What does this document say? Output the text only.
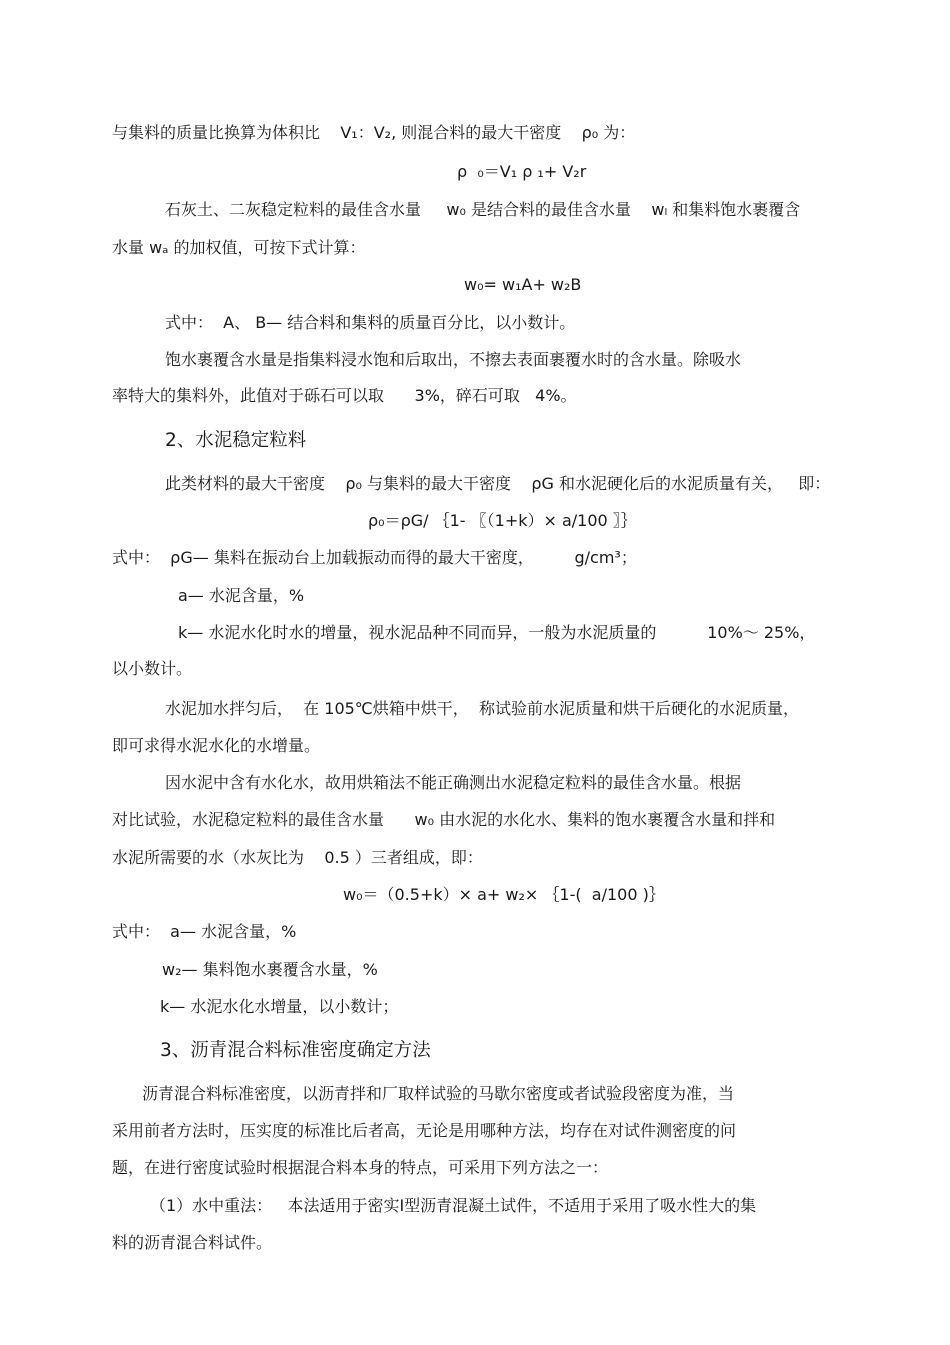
与集料的质量比换算为体积比    V₁：V₂, 则混合料的最大干密度    ρ₀ 为：
ρ  ₀＝V₁ ρ ₁+ V₂r
石灰土、二灰稳定粒料的最佳含水量     w₀ 是结合料的最佳含水量    wₗ 和集料饱水裹覆含
水量 wₐ 的加权值，可按下式计算：
w₀= w₁A+ w₂B
式中：  A、 B— 结合料和集料的质量百分比，以小数计。
饱水裹覆含水量是指集料浸水饱和后取出，不擦去表面裹覆水时的含水量。除吸水
率特大的集料外，此值对于砾石可以取      3%，碎石可取   4%。
2、水泥稳定粒料
此类材料的最大干密度    ρ₀ 与集料的最大干密度    ρG 和水泥硬化后的水泥质量有关，   即：
ρ₀＝ρG/ ｛1- 〖（1+k）× a/100 〗｝
式中：  ρG— 集料在振动台上加载振动而得的最大干密度，        g/cm³；
a— 水泥含量，%
k— 水泥水化时水的增量，视水泥品种不同而异，一般为水泥质量的          10%～ 25%，
以小数计。
水泥加水拌匀后，  在 105℃烘箱中烘干，  称试验前水泥质量和烘干后硬化的水泥质量，
即可求得水泥水化的水增量。
因水泥中含有水化水，故用烘箱法不能正确测出水泥稳定粒料的最佳含水量。根据
对比试验，水泥稳定粒料的最佳含水量      w₀ 由水泥的水化水、集料的饱水裹覆含水量和拌和
水泥所需要的水（水灰比为    0.5 ）三者组成，即：
w₀＝（0.5+k）× a+ w₂× ｛1-(  a/100 )｝
式中：  a— 水泥含量，%
w₂— 集料饱水裹覆含水量，%
k— 水泥水化水增量，以小数计；
3、沥青混合料标准密度确定方法
沥青混合料标准密度，以沥青拌和厂取样试验的马歇尔密度或者试验段密度为准，当
采用前者方法时，压实度的标准比后者高，无论是用哪种方法，均存在对试件测密度的问
题，在进行密度试验时根据混合料本身的特点，可采用下列方法之一：
（1）水中重法：   本法适用于密实Ⅰ型沥青混凝土试件，不适用于采用了吸水性大的集
料的沥青混合料试件。
